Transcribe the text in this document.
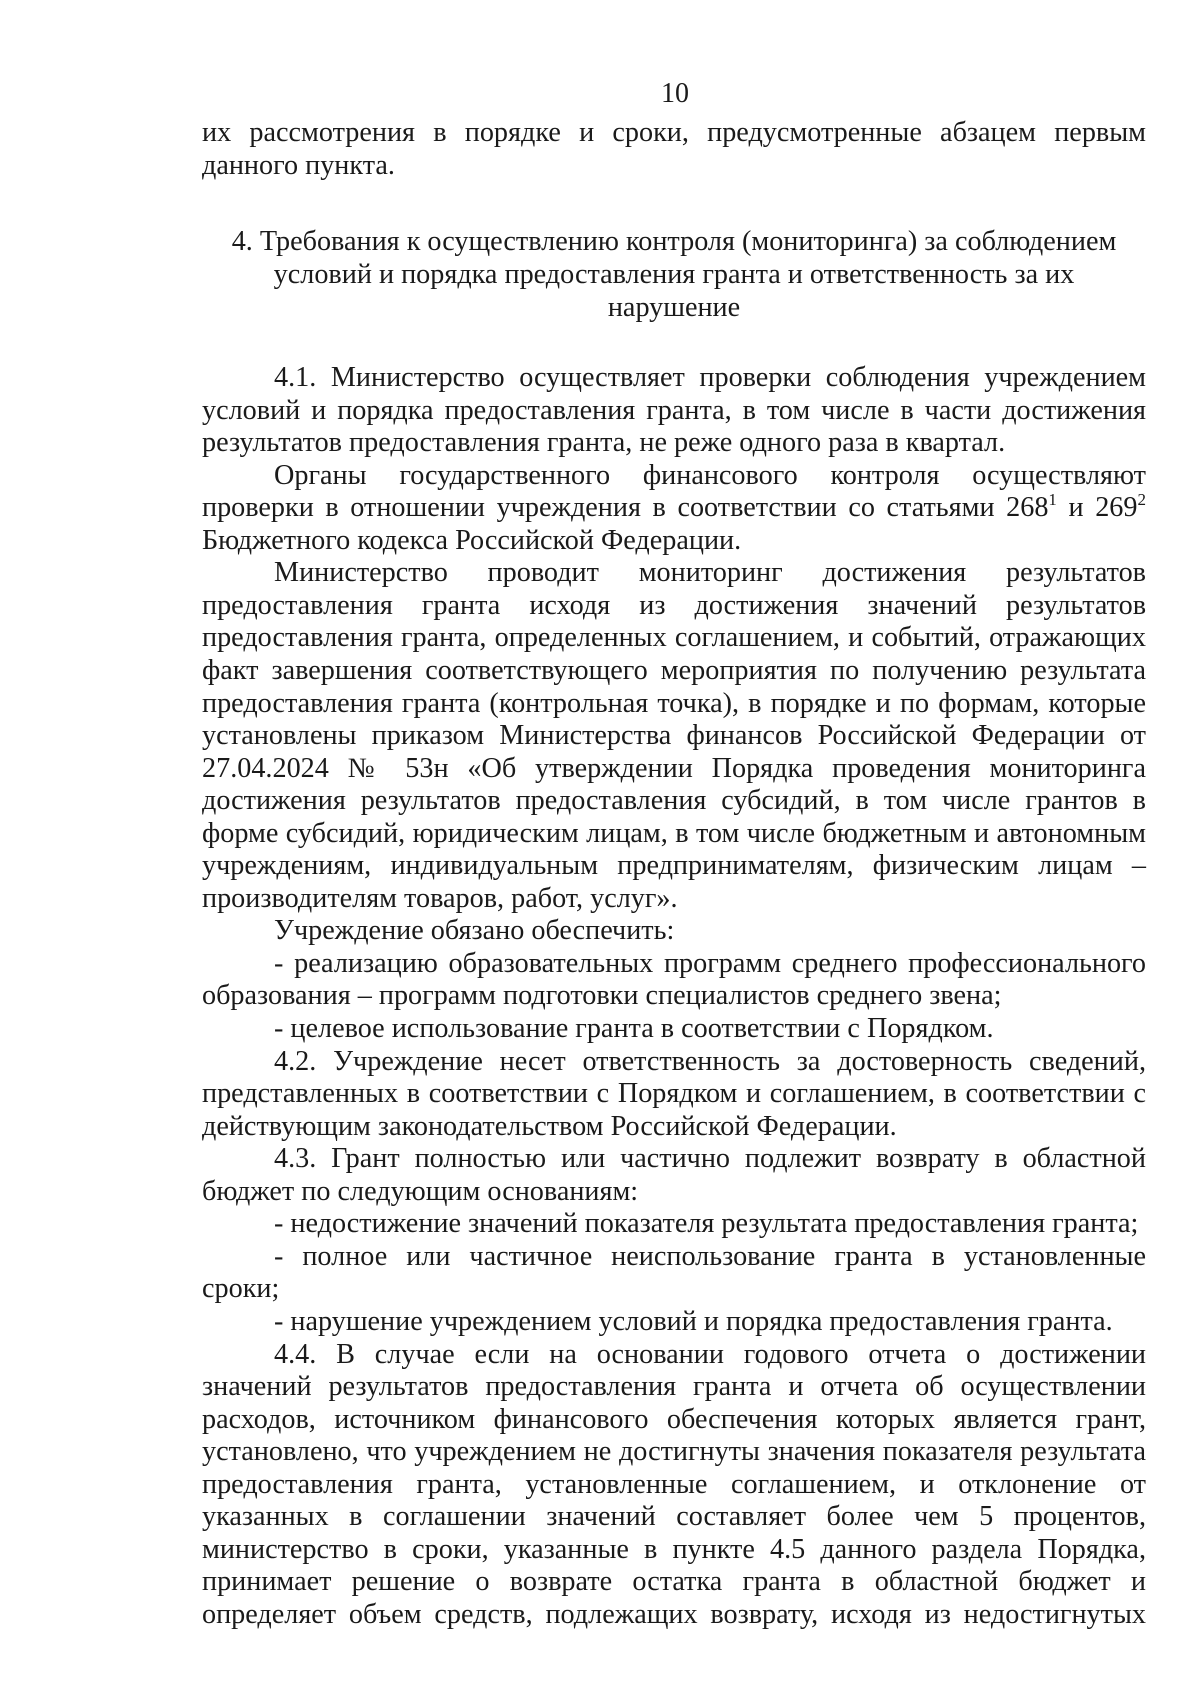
10

их рассмотрения в порядке и сроки, предусмотренные абзацем первым данного пункта.

4. Требования к осуществлению контроля (мониторинга) за соблюдением
условий и порядка предоставления гранта и ответственность за их нарушение

4.1. Министерство осуществляет проверки соблюдения учреждением условий и порядка предоставления гранта, в том числе в части достижения результатов предоставления гранта, не реже одного раза в квартал.

Органы государственного финансового контроля осуществляют проверки в отношении учреждения в соответствии со статьями $268^1$ и $269^2$ Бюджетного кодекса Российской Федерации.

Министерство проводит мониторинг достижения результатов предоставления гранта исходя из достижения значений результатов предоставления гранта, определенных соглашением, и событий, отражающих факт завершения соответствующего мероприятия по получению результата предоставления гранта (контрольная точка), в порядке и по формам, которые установлены приказом Министерства финансов Российской Федерации от 27.04.2024 № 53н «Об утверждении Порядка проведения мониторинга достижения результатов предоставления субсидий, в том числе грантов в форме субсидий, юридическим лицам, в том числе бюджетным и автономным учреждениям, индивидуальным предпринимателям, физическим лицам – производителям товаров, работ, услуг».

Учреждение обязано обеспечить:

- реализацию образовательных программ среднего профессионального образования – программ подготовки специалистов среднего звена;

- целевое использование гранта в соответствии с Порядком.

4.2. Учреждение несет ответственность за достоверность сведений, представленных в соответствии с Порядком и соглашением, в соответствии с действующим законодательством Российской Федерации.

4.3. Грант полностью или частично подлежит возврату в областной бюджет по следующим основаниям:

- недостижение значений показателя результата предоставления гранта;

- полное или частичное неиспользование гранта в установленные сроки;

- нарушение учреждением условий и порядка предоставления гранта.

4.4. В случае если на основании годового отчета о достижении значений результатов предоставления гранта и отчета об осуществлении расходов, источником финансового обеспечения которых является грант, установлено, что учреждением не достигнуты значения показателя результата предоставления гранта, установленные соглашением, и отклонение от указанных в соглашении значений составляет более чем 5 процентов, министерство в сроки, указанные в пункте 4.5 данного раздела Порядка, принимает решение о возврате остатка гранта в областной бюджет и определяет объем средств, подлежащих возврату, исходя из недостигнутых
